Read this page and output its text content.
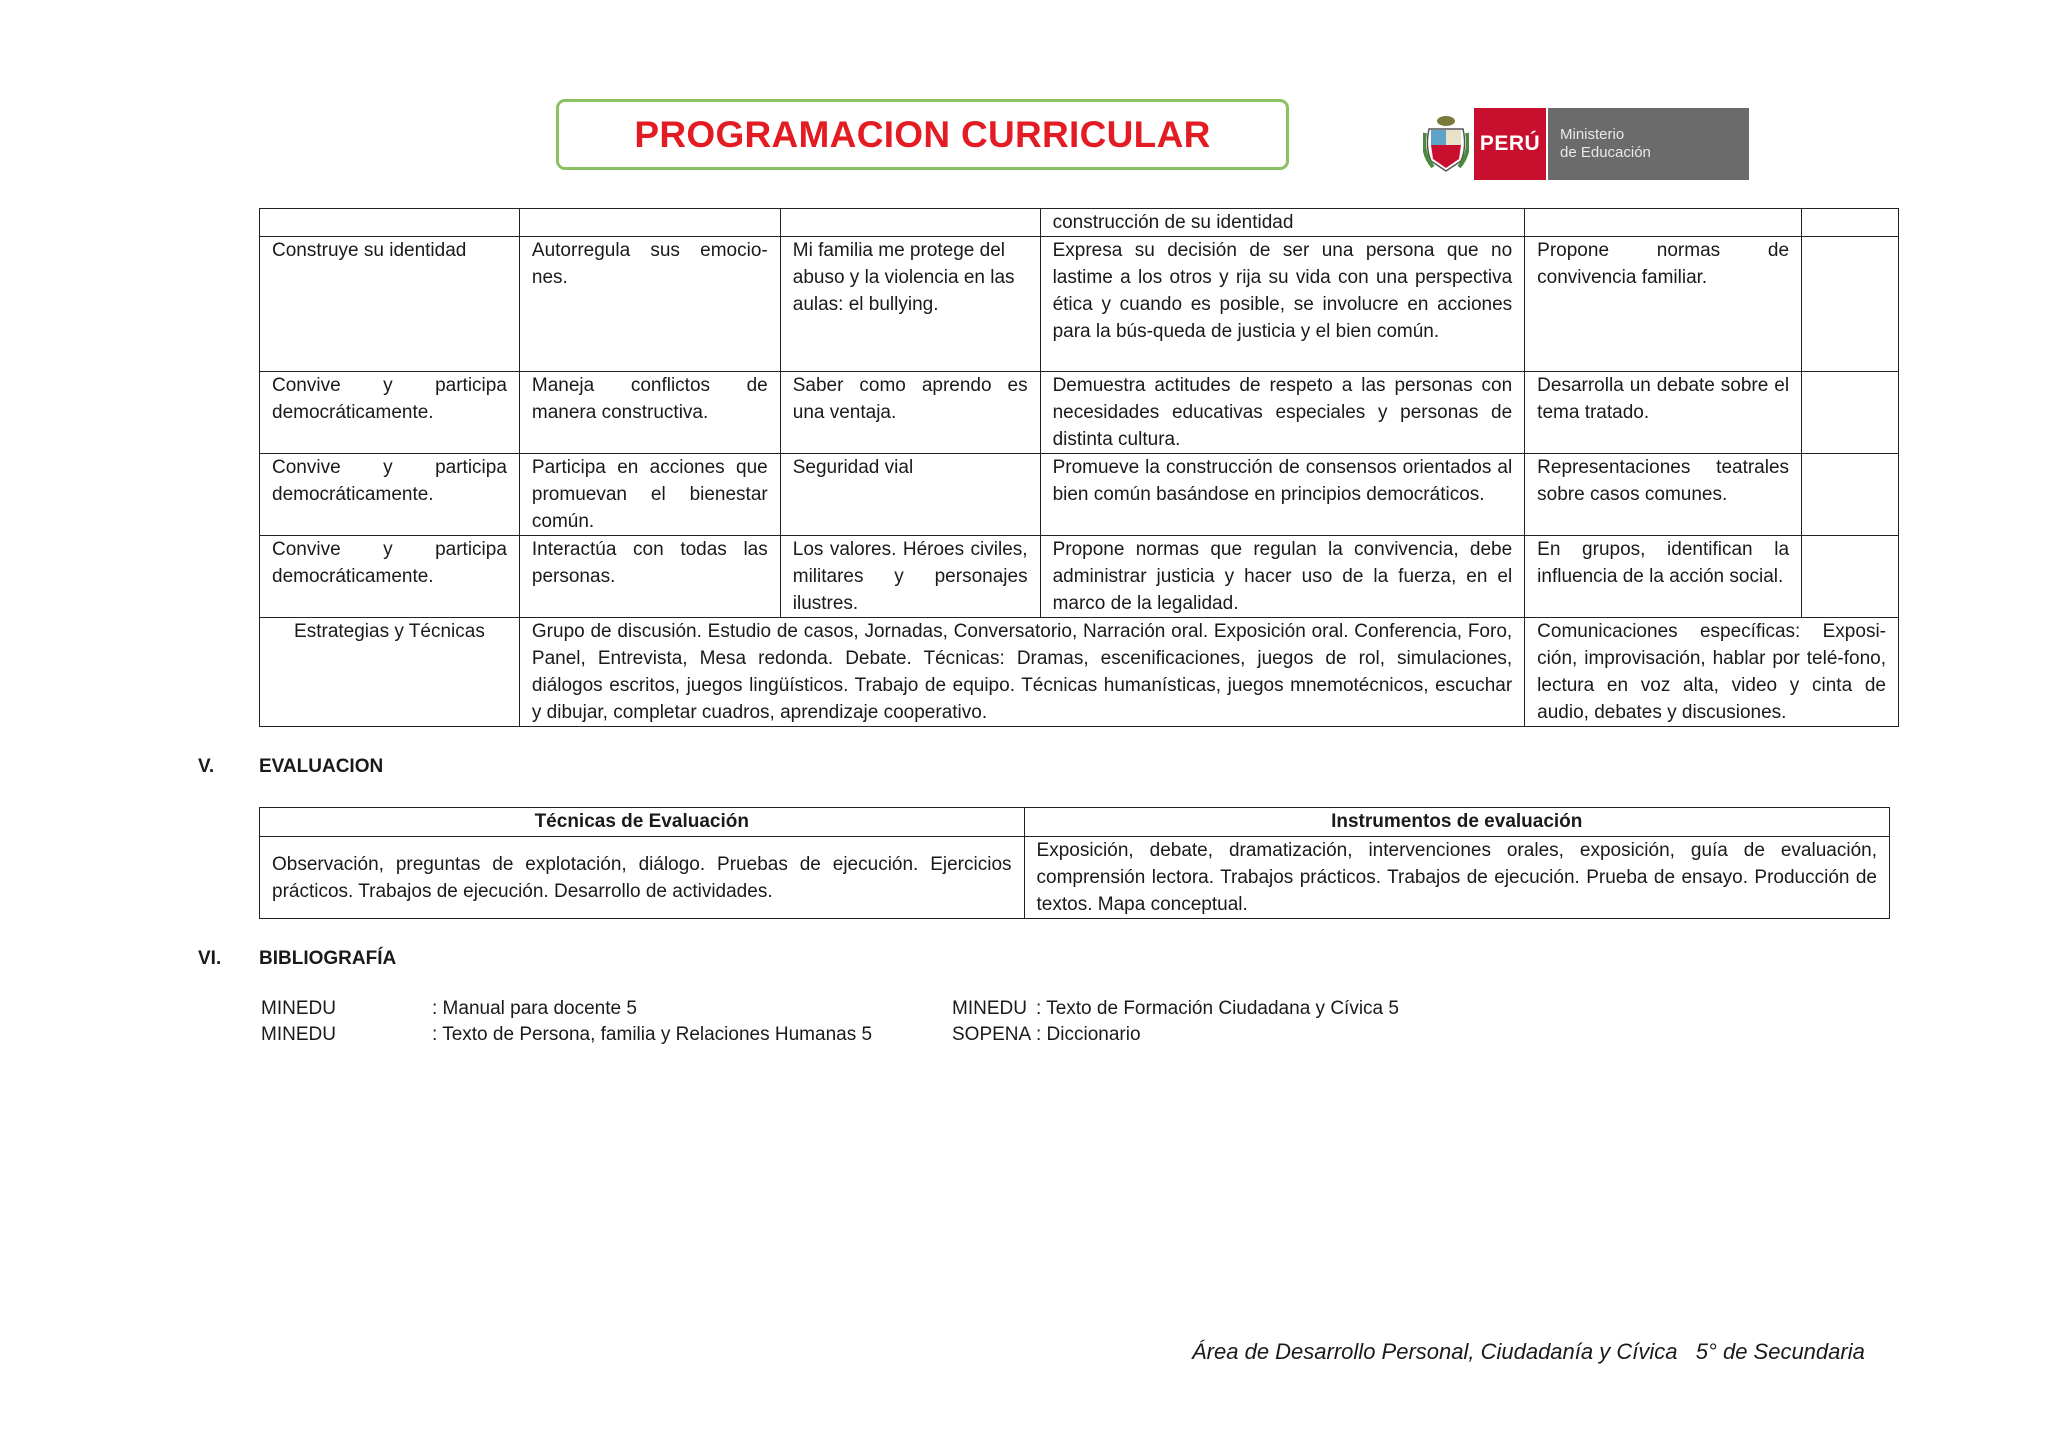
PROGRAMACION CURRICULAR	PERÚ	Ministerio
de Educación
			construcción de su identidad		
Construye su identidad	Autorregula sus emocio-nes.	Mi familia me protege del abuso y la violencia en las aulas: el bullying.	Expresa su decisión de ser una persona que no lastime a los otros y rija su vida con una perspectiva ética y cuando es posible, se involucre en acciones para la bús-queda de justicia y el bien común.	Propone normas de convivencia familiar.	
Convive y participa democráticamente.	Maneja conflictos de manera constructiva.	Saber como aprendo es una ventaja.	Demuestra actitudes de respeto a las personas con necesidades educativas especiales y personas de distinta cultura.	Desarrolla un debate sobre el tema tratado.	
Convive y participa democráticamente.	Participa en acciones que promuevan el bienestar común.	Seguridad vial	Promueve la construcción de consensos orientados al bien común basándose en principios democráticos.	Representaciones teatrales sobre casos comunes.	
Convive y participa democráticamente.	Interactúa con todas las personas.	Los valores. Héroes civiles, militares y personajes ilustres.	Propone normas que regulan la convivencia, debe administrar justicia y hacer uso de la fuerza, en el marco de la legalidad.	En grupos, identifican la influencia de la acción social.	
Estrategias y Técnicas	Grupo de discusión. Estudio de casos, Jornadas, Conversatorio, Narración oral. Exposición oral. Conferencia, Foro, Panel, Entrevista, Mesa redonda. Debate. Técnicas: Dramas, escenificaciones, juegos de rol, simulaciones, diálogos escritos, juegos lingüísticos. Trabajo de equipo. Técnicas humanísticas, juegos mnemotécnicos, escuchar y dibujar, completar cuadros, aprendizaje cooperativo.			Comunicaciones específicas: Exposi-ción, improvisación, hablar por telé-fono, lectura en voz alta, video y cinta de audio, debates y discusiones.	
V. EVALUACION
Técnicas de Evaluación	Instrumentos de evaluación
Observación, preguntas de explotación, diálogo. Pruebas de ejecución. Ejercicios prácticos. Trabajos de ejecución. Desarrollo de actividades.	Exposición, debate, dramatización, intervenciones orales, exposición, guía de evaluación, comprensión lectora. Trabajos prácticos. Trabajos de ejecución. Prueba de ensayo. Producción de textos. Mapa conceptual.
VI. BIBLIOGRAFÍA
MINEDU	: Manual para docente 5
MINEDU	: Texto de Persona, familia y Relaciones Humanas 5
MINEDU : Texto de Formación Ciudadana y Cívica 5
SOPENA : Diccionario
Área de Desarrollo Personal, Ciudadanía y Cívica   5° de Secundaria
